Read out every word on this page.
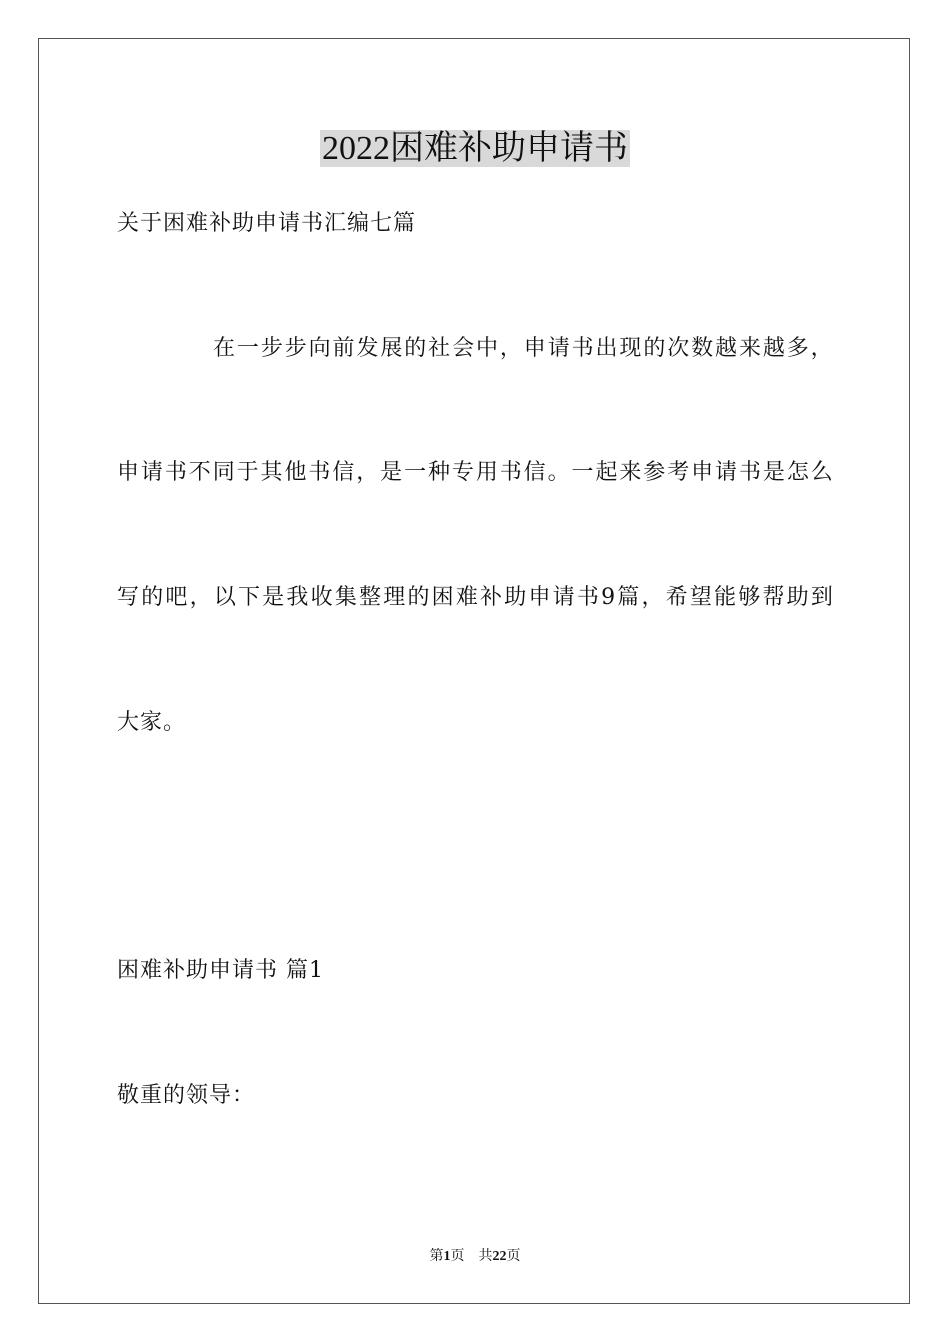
2022困难补助申请书
关于困难补助申请书汇编七篇
在 一 步 步 向 前 发 展 的 社 会 中 ， 申 请 书 出 现 的 次 数 越 来 越 多 ，
申 请 书 不 同 于 其 他 书 信 ， 是 一 种 专 用 书 信 。 一 起 来 参 考 申 请 书 是 怎 么
写 的 吧 ， 以 下 是 我 收 集 整 理 的 困 难 补 助 申 请 书 9 篇 ， 希 望 能 够 帮 助 到
大家。
困难补助申请书 篇1
敬重的领导：
第1页　共22页
